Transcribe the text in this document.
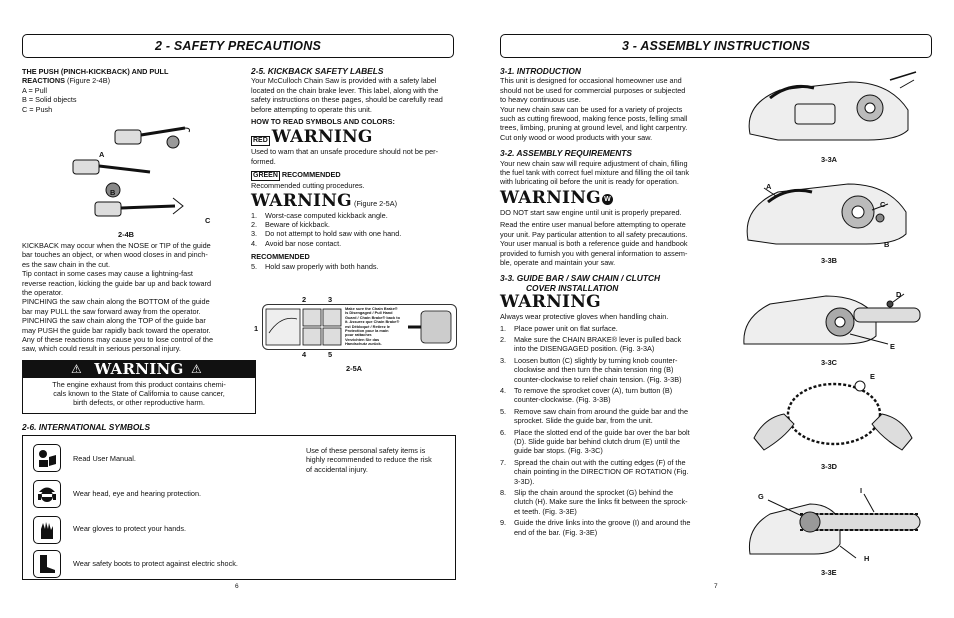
2 - SAFETY PRECAUTIONS	3 - ASSEMBLY INSTRUCTIONS
THE PUSH (PINCH-KICKBACK) AND PULL
REACTIONS (Figure 2-4B)
A = Pull
B = Solid objects
C = Push
A
B
C
2-4B
KICKBACK may occur when the NOSE or TIP of the guide
bar touches an object, or when wood closes in and pinch-
es the saw chain in the cut.
Tip contact in some cases may cause a lightning-fast
reverse reaction, kicking the guide bar up and back toward
the operator.
PINCHING the saw chain along the BOTTOM of the guide
bar may PULL the saw forward away from the operator.
PINCHING the saw chain along the TOP of the guide bar
may PUSH the guide bar rapidly back toward the operator.
Any of these reactions may cause you to lose control of the
saw, which could result in serious personal injury.
⚠ WARNING ⚠
The engine exhaust from this product contains chemi-
cals known to the State of California to cause cancer,
birth defects, or other reproductive harm.
2-5. KICKBACK SAFETY LABELS
Your McCulloch Chain Saw is provided with a safety label
located on the chain brake lever. This label, along with the
safety instructions on these pages, should be carefully read
before attempting to operate this unit.
HOW TO READ SYMBOLS AND COLORS:
RED WARNING
Used to warn that an unsafe procedure should not be per-
formed.
GREEN RECOMMENDED
Recommended cutting procedures.
WARNING (Figure 2-5A)
1. Worst-case computed kickback angle.
2. Beware of kickback.
3. Do not attempt to hold saw with one hand.
4. Avoid bar nose contact.
RECOMMENDED
5. Hold saw properly with both hands.
1
2	3
4	5
Make sure the Chain Brake®
is Disengaged / Pull Hand
Guard / Chain Brake® back to
it. Assurez que Chain Brake®
est Débloqué / Retirez le
Protection pour la main
pour rattacher.
Verzichten Sie das
Handschutz zurück.
2-5A
2-6. INTERNATIONAL SYMBOLS
Read User Manual.
Wear head, eye and hearing protection.
Wear gloves to protect your hands.
Wear safety boots to protect against electric shock.
Use of these personal safety items is
highly recommended to reduce the risk
of accidental injury.
6
3-1. INTRODUCTION
This unit is designed for occasional homeowner use and
should not be used for commercial purposes or subjected
to heavy continuous use.
Your new chain saw can be used for a variety of projects
such as cutting firewood, making fence posts, felling small
trees, limbing, pruning at ground level, and light carpentry.
Cut only wood or wood products with your saw.
3-2. ASSEMBLY REQUIREMENTS
Your new chain saw will require adjustment of chain, filling
the fuel tank with correct fuel mixture and filling the oil tank
with lubricating oil before the unit is ready for operation.
WARNING W
DO NOT start saw engine until unit is properly prepared.
Read the entire user manual before attempting to operate
your unit. Pay particular attention to all safety precautions.
Your user manual is both a reference guide and handbook
provided to furnish you with general information to assem-
ble, operate and maintain your saw.
3-3. GUIDE BAR / SAW CHAIN / CLUTCH
COVER INSTALLATION
WARNING
Always wear protective gloves when handling chain.
1. Place power unit on flat surface.
2. Make sure the CHAIN BRAKE® lever is pulled back
into the DISENGAGED position. (Fig. 3-3A)
3. Loosen button (C) slightly by turning knob counter-
clockwise and then turn the chain tension ring (B)
counter-clockwise to relief chain tension. (Fig. 3-3B)
4. To remove the sprocket cover (A), turn button (B)
counter-clockwise. (Fig. 3-3B)
5. Remove saw chain from around the guide bar and the
sprocket. Slide the guide bar, from the unit.
6. Place the slotted end of the guide bar over the bar bolt
(D). Slide guide bar behind clutch drum (E) until the
guide bar stops. (Fig. 3-3C)
7. Spread the chain out with the cutting edges (F) of the
chain pointing in the DIRECTION OF ROTATION (Fig.
3-3D).
8. Slip the chain around the sprocket (G) behind the
clutch (H). Make sure the links fit between the sprock-
et teeth. (Fig. 3-3E)
9. Guide the drive links into the groove (I) and around the
end of the bar. (Fig. 3-3E)
3-3A
A
C
B
3-3B
D
E
3-3C
E
3-3D
G
I
H
3-3E
7
